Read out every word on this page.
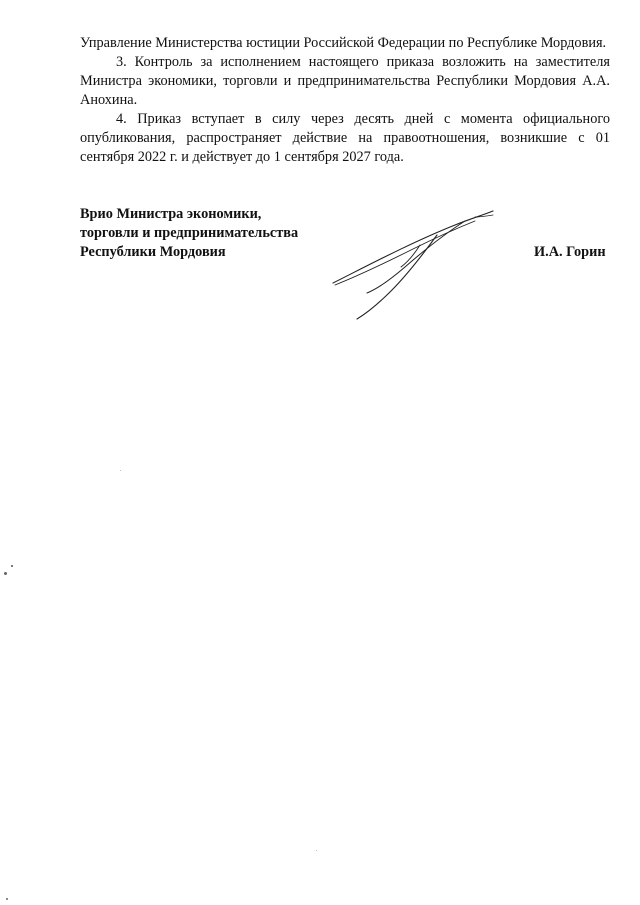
Управление Министерства юстиции Российской Федерации по Республике Мордовия.

3. Контроль за исполнением настоящего приказа возложить на заместителя Министра экономики, торговли и предпринимательства Республики Мордовия А.А. Анохина.

4. Приказ вступает в силу через десять дней с момента официального опубликования, распространяет действие на правоотношения, возникшие с 01 сентября 2022 г. и действует до 1 сентября 2027 года.

Врио Министра экономики,
торговли и предпринимательства
Республики Мордовия	И.А. Горин
